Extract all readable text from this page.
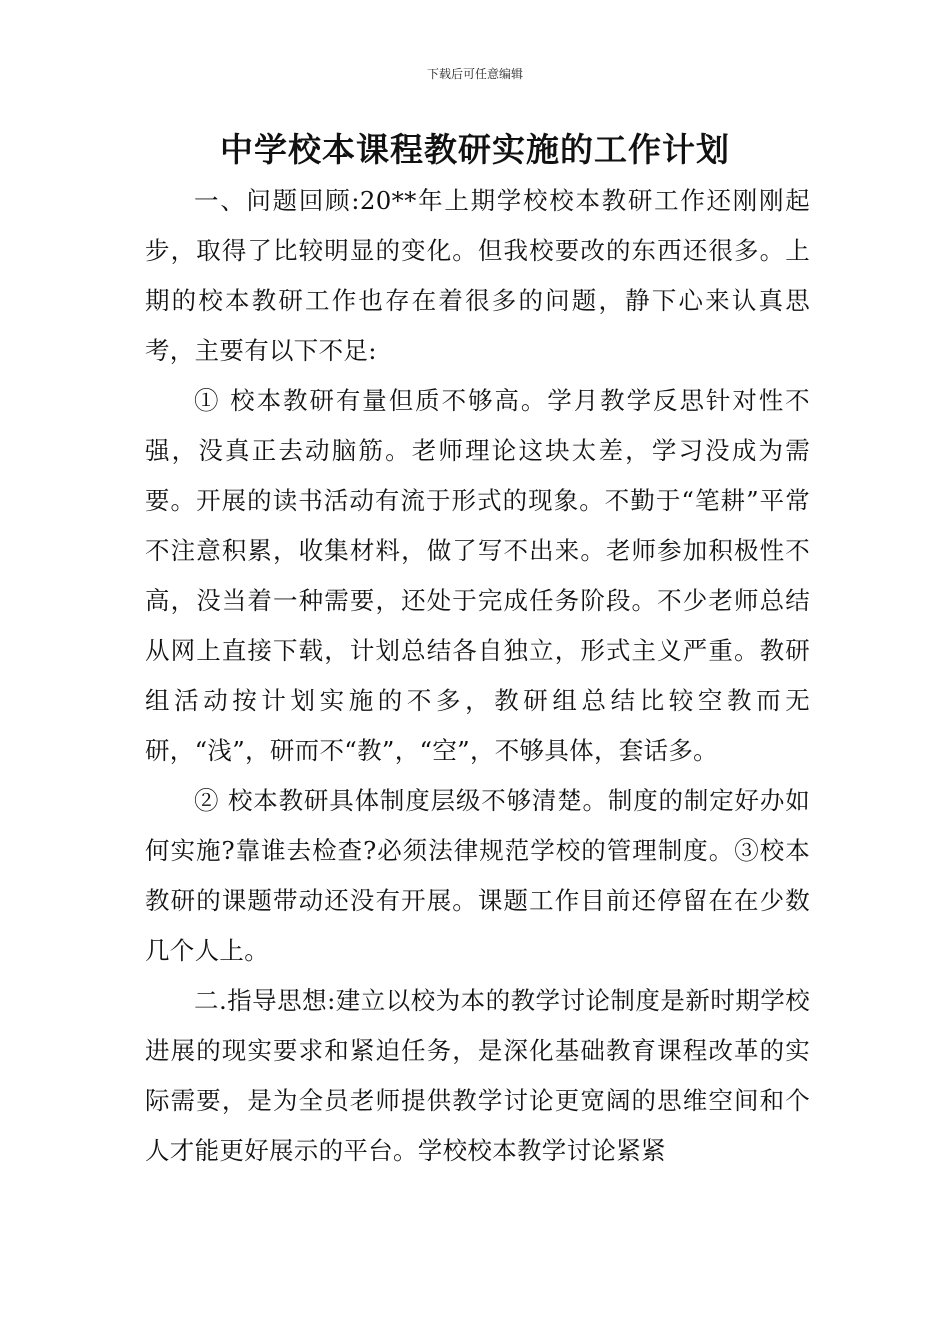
下载后可任意编辑
中学校本课程教研实施的工作计划

一、问题回顾:20**年上期学校校本教研工作还刚刚起步，取得了比较明显的变化。但我校要改的东西还很多。上期的校本教研工作也存在着很多的问题，静下心来认真思考，主要有以下不足:

① 校本教研有量但质不够高。学月教学反思针对性不强，没真正去动脑筋。老师理论这块太差，学习没成为需要。开展的读书活动有流于形式的现象。不勤于“笔耕”平常不注意积累，收集材料，做了写不出来。老师参加积极性不高，没当着一种需要，还处于完成任务阶段。不少老师总结从网上直接下载，计划总结各自独立，形式主义严重。教研组活动按计划实施的不多，教研组总结比较空教而无研，“浅”，研而不“教”，“空”，不够具体，套话多。

② 校本教研具体制度层级不够清楚。制度的制定好办如何实施?靠谁去检查?必须法律规范学校的管理制度。③校本教研的课题带动还没有开展。课题工作目前还停留在在少数几个人上。

二.指导思想:建立以校为本的教学讨论制度是新时期学校进展的现实要求和紧迫任务，是深化基础教育课程改革的实际需要，是为全员老师提供教学讨论更宽阔的思维空间和个人才能更好展示的平台。学校校本教学讨论紧紧
